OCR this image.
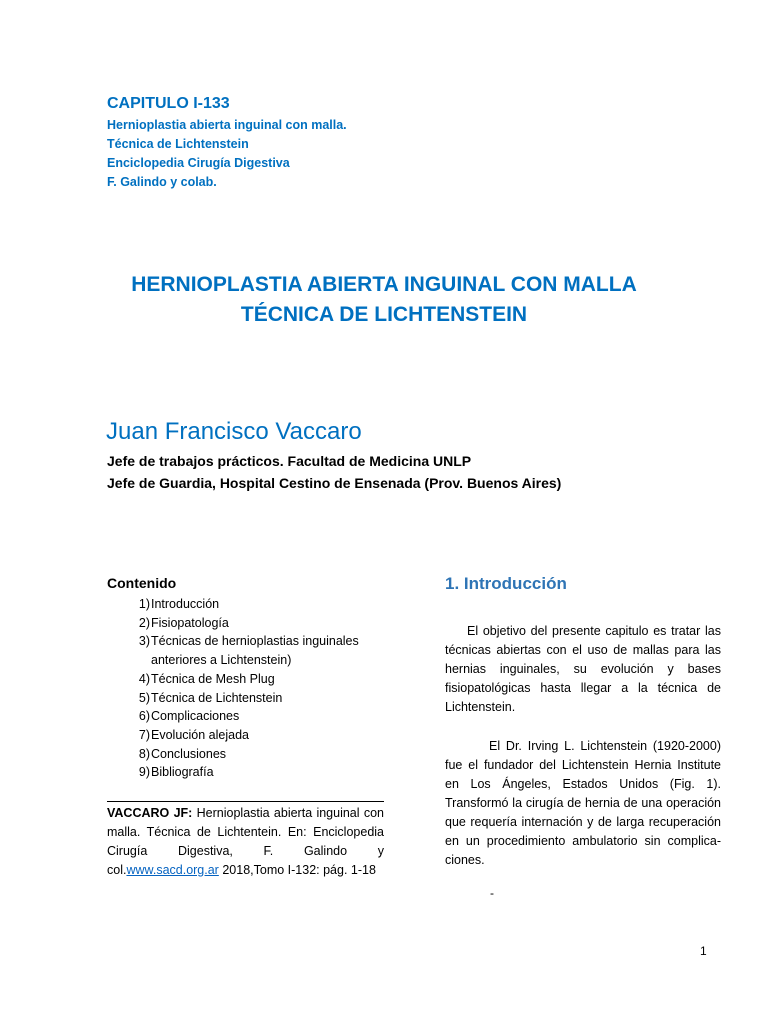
CAPITULO I-133
Hernioplastia abierta inguinal con malla.
Técnica de Lichtenstein
Enciclopedia Cirugía Digestiva
F. Galindo y colab.
HERNIOPLASTIA ABIERTA INGUINAL CON MALLA
TÉCNICA DE LICHTENSTEIN
Juan Francisco Vaccaro
Jefe de trabajos prácticos. Facultad de Medicina UNLP
Jefe de Guardia, Hospital Cestino de Ensenada (Prov. Buenos Aires)
Contenido
1) Introducción
2) Fisiopatología
3) Técnicas de hernioplastias inguinales anteriores a Lichtenstein)
4) Técnica de Mesh Plug
5) Técnica de Lichtenstein
6) Complicaciones
7) Evolución alejada
8) Conclusiones
9) Bibliografía
VACCARO JF: Hernioplastia abierta inguinal con malla. Técnica de Lichtentein. En: Enciclopedia Cirugía Digestiva, F. Galindo y col.www.sacd.org.ar 2018,Tomo I-132: pág. 1-18
1. Introducción
El objetivo del presente capitulo es tratar las técnicas abiertas con el uso de mallas para las hernias inguinales, su evolución y bases fisiopatológicas hasta llegar a la técnica de Lichtenstein.
El Dr. Irving L. Lichtenstein (1920-2000) fue el fundador del Lichtenstein Hernia Institute en Los Ángeles, Estados Unidos (Fig. 1). Transformó la cirugía de hernia de una operación que requería internación y de larga recuperación en un procedimiento ambulatorio sin complica-ciones.
-
1
